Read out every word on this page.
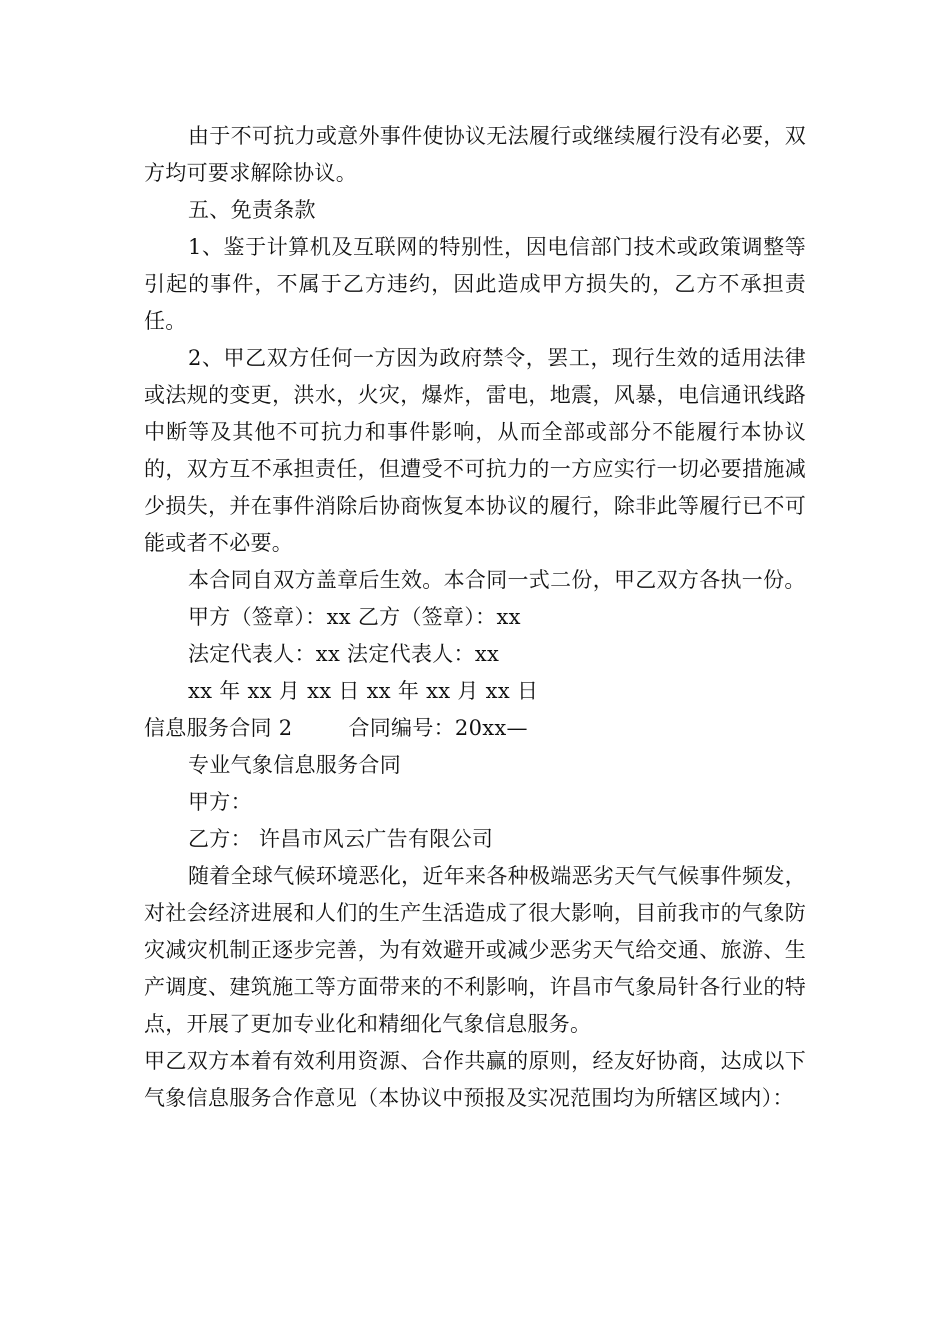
由于不可抗力或意外事件使协议无法履行或继续履行没有必要，双方均可要求解除协议。

五、免责条款

1、鉴于计算机及互联网的特别性，因电信部门技术或政策调整等引起的事件，不属于乙方违约，因此造成甲方损失的，乙方不承担责任。

2、甲乙双方任何一方因为政府禁令，罢工，现行生效的适用法律或法规的变更，洪水，火灾，爆炸，雷电，地震，风暴，电信通讯线路中断等及其他不可抗力和事件影响，从而全部或部分不能履行本协议的，双方互不承担责任，但遭受不可抗力的一方应实行一切必要措施减少损失，并在事件消除后协商恢复本协议的履行，除非此等履行已不可能或者不必要。

本合同自双方盖章后生效。本合同一式二份，甲乙双方各执一份。

甲方（签章）：xx 乙方（签章）：xx

法定代表人：xx 法定代表人：xx

xx 年 xx 月 xx 日 xx 年 xx 月 xx 日

信息服务合同 2	合同编号：20xx—

专业气象信息服务合同

甲方：

乙方： 许昌市风云广告有限公司

随着全球气候环境恶化，近年来各种极端恶劣天气气候事件频发，对社会经济进展和人们的生产生活造成了很大影响，目前我市的气象防灾减灾机制正逐步完善，为有效避开或减少恶劣天气给交通、旅游、生产调度、建筑施工等方面带来的不利影响，许昌市气象局针各行业的特点，开展了更加专业化和精细化气象信息服务。

甲乙双方本着有效利用资源、合作共赢的原则，经友好协商，达成以下气象信息服务合作意见（本协议中预报及实况范围均为所辖区域内）：
